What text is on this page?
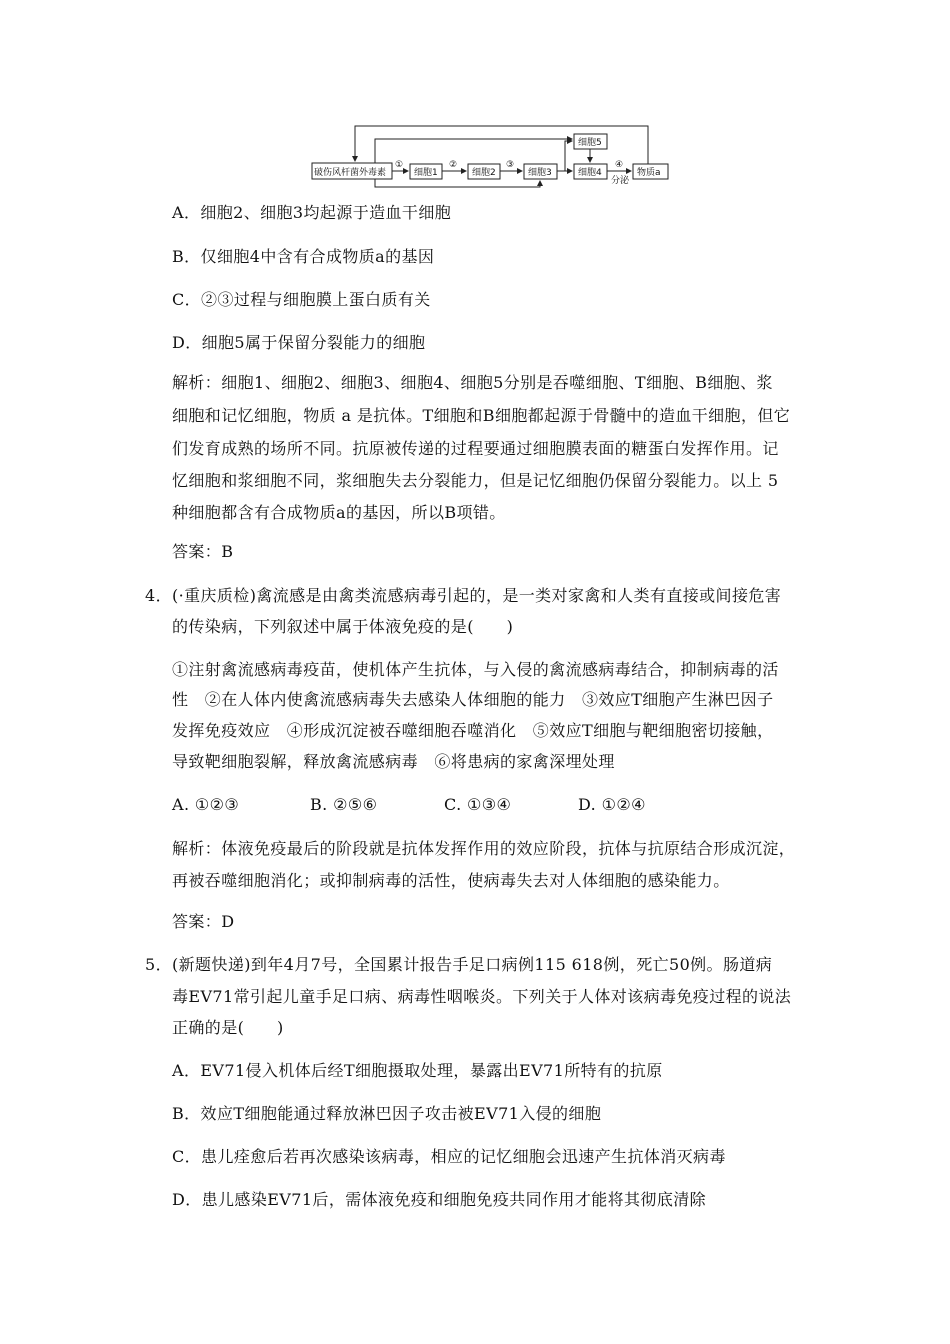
破伤风杆菌外毒素	细胞1	细胞2	细胞3
细胞5
细胞4	物质a
①	②	③	④
分泌
A．细胞2、细胞3均起源于造血干细胞
B．仅细胞4中含有合成物质a的基因
C．②③过程与细胞膜上蛋白质有关
D．细胞5属于保留分裂能力的细胞
解析：细胞1、细胞2、细胞3、细胞4、细胞5分别是吞噬细胞、T细胞、B细胞、浆
细胞和记忆细胞，物质 a 是抗体。T细胞和B细胞都起源于骨髓中的造血干细胞，但它
们发育成熟的场所不同。抗原被传递的过程要通过细胞膜表面的糖蛋白发挥作用。记
忆细胞和浆细胞不同，浆细胞失去分裂能力，但是记忆细胞仍保留分裂能力。以上 5
种细胞都含有合成物质a的基因，所以B项错。
答案：B
4．(·重庆质检)禽流感是由禽类流感病毒引起的，是一类对家禽和人类有直接或间接危害
的传染病，下列叙述中属于体液免疫的是(　　)
①注射禽流感病毒疫苗，使机体产生抗体，与入侵的禽流感病毒结合，抑制病毒的活
性　②在人体内使禽流感病毒失去感染人体细胞的能力　③效应T细胞产生淋巴因子
发挥免疫效应　④形成沉淀被吞噬细胞吞噬消化　⑤效应T细胞与靶细胞密切接触，
导致靶细胞裂解，释放禽流感病毒　⑥将患病的家禽深埋处理
A. ①②③	B. ②⑤⑥	C. ①③④	D. ①②④
解析：体液免疫最后的阶段就是抗体发挥作用的效应阶段，抗体与抗原结合形成沉淀，
再被吞噬细胞消化；或抑制病毒的活性，使病毒失去对人体细胞的感染能力。
答案：D
5．(新题快递)到年4月7号，全国累计报告手足口病例115 618例，死亡50例。肠道病
毒EV71常引起儿童手足口病、病毒性咽喉炎。下列关于人体对该病毒免疫过程的说法
正确的是(　　)
A．EV71侵入机体后经T细胞摄取处理，暴露出EV71所特有的抗原
B．效应T细胞能通过释放淋巴因子攻击被EV71入侵的细胞
C．患儿痊愈后若再次感染该病毒，相应的记忆细胞会迅速产生抗体消灭病毒
D．患儿感染EV71后，需体液免疫和细胞免疫共同作用才能将其彻底清除
